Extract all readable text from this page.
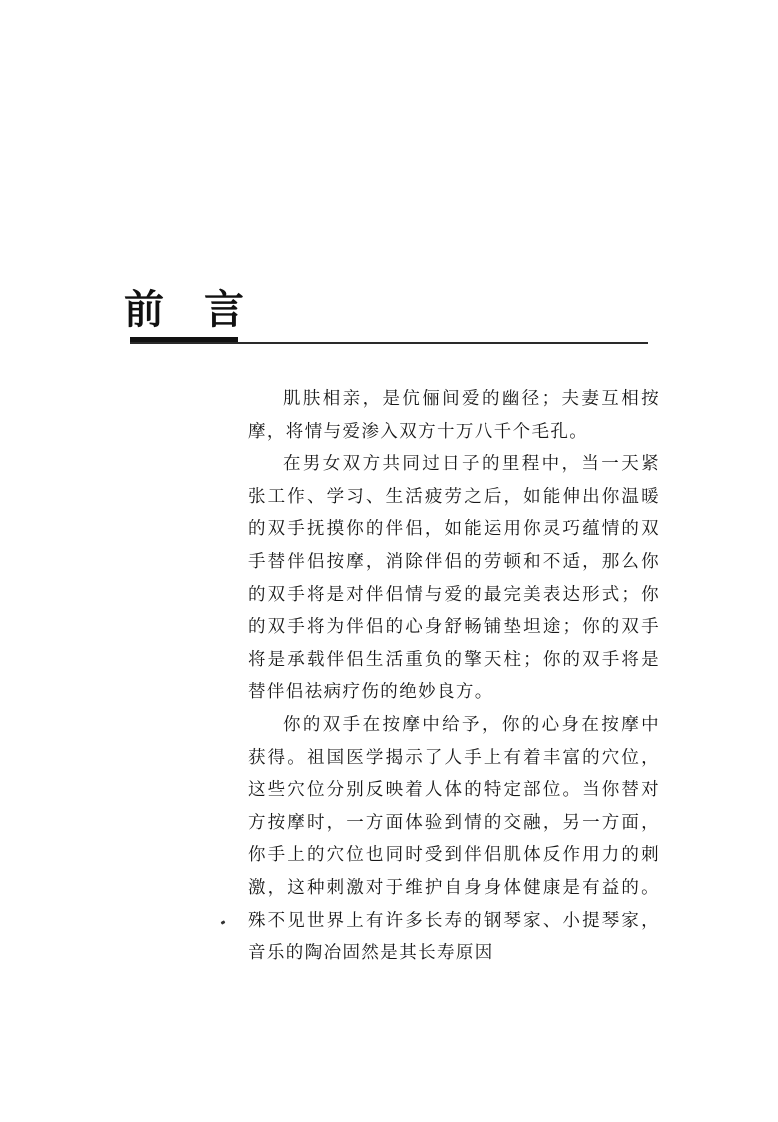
前言

肌肤相亲，是伉俪间爱的幽径；夫妻互相按摩，将情与爱渗入双方十万八千个毛孔。

在男女双方共同过日子的里程中，当一天紧张工作、学习、生活疲劳之后，如能伸出你温暖的双手抚摸你的伴侣，如能运用你灵巧蕴情的双手替伴侣按摩，消除伴侣的劳顿和不适，那么你的双手将是对伴侣情与爱的最完美表达形式；你的双手将为伴侣的心身舒畅铺垫坦途；你的双手将是承载伴侣生活重负的擎天柱；你的双手将是替伴侣祛病疗伤的绝妙良方。

你的双手在按摩中给予，你的心身在按摩中获得。祖国医学揭示了人手上有着丰富的穴位，这些穴位分别反映着人体的特定部位。当你替对方按摩时，一方面体验到情的交融，另一方面，你手上的穴位也同时受到伴侣肌体反作用力的刺激，这种刺激对于维护自身身体健康是有益的。殊不见世界上有许多长寿的钢琴家、小提琴家，音乐的陶冶固然是其长寿原因
